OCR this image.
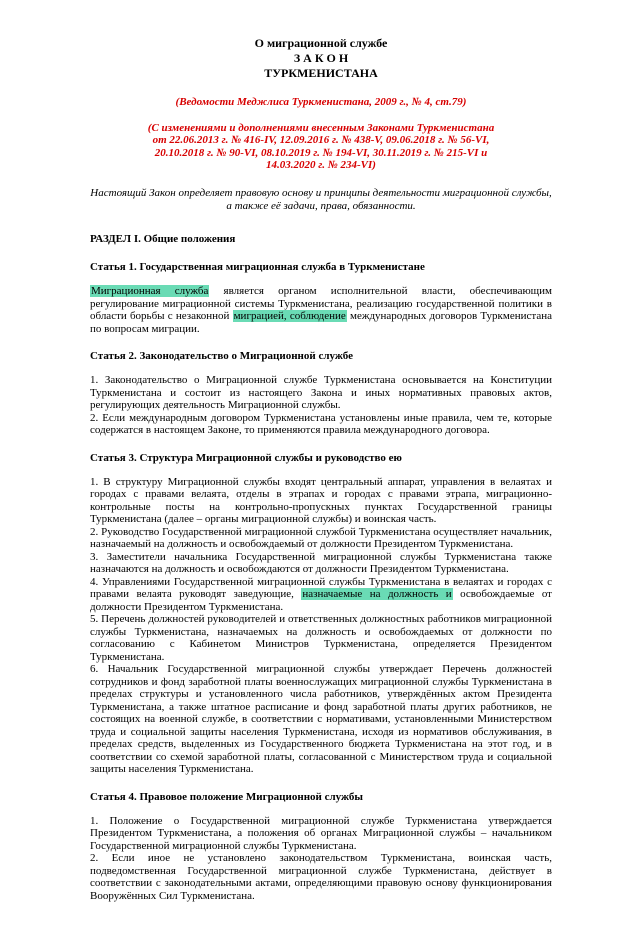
О миграционной службе
З А К О Н
ТУРКМЕНИСТАНА
(Ведомости Меджлиса Туркменистана, 2009 г., № 4, ст.79)
(С изменениями и дополнениями внесенным Законами Туркменистана
от 22.06.2013 г. № 416-IV, 12.09.2016 г. № 438-V, 09.06.2018 г. № 56-VI,
20.10.2018 г. № 90-VI, 08.10.2019 г. № 194-VI, 30.11.2019 г. № 215-VI и
14.03.2020 г. № 234-VI)

Настоящий Закон определяет правовую основу и принципы деятельности миграционной службы, а также её задачи, права, обязанности.

РАЗДЕЛ I. Общие положения
Статья 1. Государственная миграционная служба в Туркменистане

Миграционная служба является органом исполнительной власти, обеспечивающим регулирование миграционной системы Туркменистана, реализацию государственной политики в области борьбы с незаконной миграцией, соблюдение международных договоров Туркменистана по вопросам миграции.

Статья 2. Законодательство о Миграционной службе

1. Законодательство о Миграционной службе Туркменистана основывается на Конституции Туркменистана и состоит из настоящего Закона и иных нормативных правовых актов, регулирующих деятельность Миграционной службы.

2. Если международным договором Туркменистана установлены иные правила, чем те, которые содержатся в настоящем Законе, то применяются правила международного договора.

Статья 3. Структура Миграционной службы и руководство ею

1. В структуру Миграционной службы входят центральный аппарат, управления в велаятах и городах с правами велаята, отделы в этрапах и городах с правами этрапа, миграционно- контрольные посты на контрольно-пропускных пунктах Государственной границы Туркменистана (далее – органы миграционной службы) и воинская часть.

2. Руководство Государственной миграционной службой Туркменистана осуществляет начальник, назначаемый на должность и освобождаемый от должности Президентом Туркменистана.

3. Заместители начальника Государственной миграционной службы Туркменистана также назначаются на должность и освобождаются от должности Президентом Туркменистана.

4. Управлениями Государственной миграционной службы Туркменистана в велаятах и городах с правами велаята руководят заведующие, назначаемые на должность и освобождаемые от должности Президентом Туркменистана.

5. Перечень должностей руководителей и ответственных должностных работников миграционной службы Туркменистана, назначаемых на должность и освобождаемых от должности по согласованию с Кабинетом Министров Туркменистана, определяется Президентом Туркменистана.

6. Начальник Государственной миграционной службы утверждает Перечень должностей сотрудников и фонд заработной платы военнослужащих миграционной службы Туркменистана в пределах структуры и установленного числа работников, утверждённых актом Президента Туркменистана, а также штатное расписание и фонд заработной платы других работников, не состоящих на военной службе, в соответствии с нормативами, установленными Министерством труда и социальной защиты населения Туркменистана, исходя из нормативов обслуживания, в пределах средств, выделенных из Государственного бюджета Туркменистана на этот год, и в соответствии со схемой заработной платы, согласованной с Министерством труда и социальной защиты населения Туркменистана.

Статья 4. Правовое положение Миграционной службы

1. Положение о Государственной миграционной службе Туркменистана утверждается Президентом Туркменистана, а положения об органах Миграционной службы – начальником Государственной миграционной службы Туркменистана.

2. Если иное не установлено законодательством Туркменистана, воинская часть, подведомственная Государственной миграционной службе Туркменистана, действует в соответствии с законодательными актами, определяющими правовую основу функционирования Вооружённых Сил Туркменистана.
